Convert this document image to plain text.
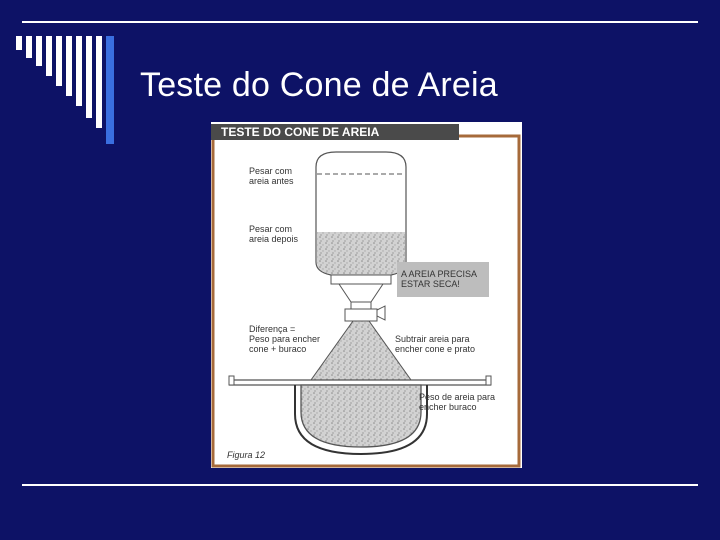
Teste do Cone de Areia
TESTE DO CONE DE AREIA
Pesar com
areia antes
Pesar com
areia depois
A AREIA PRECISA
ESTAR SECA!
Diferença =
Peso para encher
cone + buraco
Subtrair areia para
encher cone e prato
Peso de areia para
encher buraco
Figura 12
